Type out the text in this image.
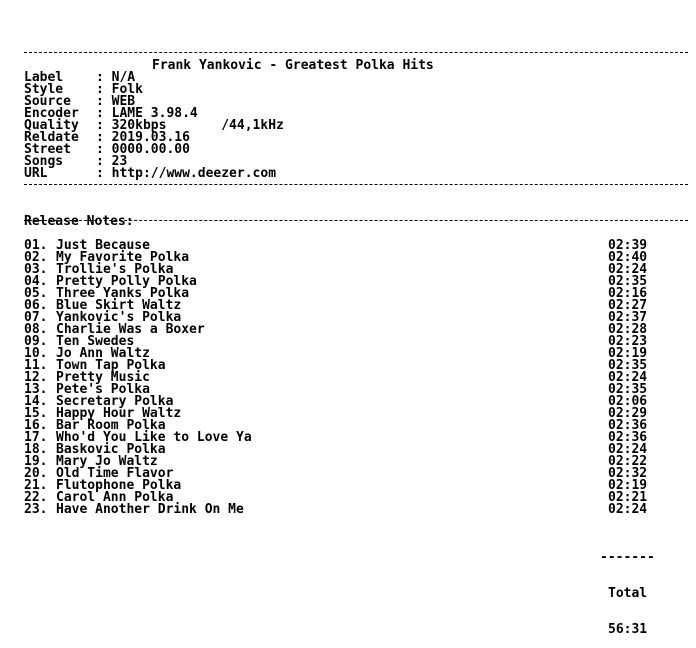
Frank Yankovic - Greatest Polka Hits

Label	: N/A
Style	: Folk
Source	: WEB
Encoder	: LAME 3.98.4
Quality	: 320kbps       /44,1kHz
Reldate	: 2019.03.16
Street	: 0000.00.00
Songs	: 23
URL	: http://www.deezer.com

Release Notes:

01. Just Because	02:39
02. My Favorite Polka	02:40
03. Trollie's Polka	02:24
04. Pretty Polly Polka	02:35
05. Three Yanks Polka	02:16
06. Blue Skirt Waltz	02:27
07. Yankovic's Polka	02:37
08. Charlie Was a Boxer	02:28
09. Ten Swedes	02:23
10. Jo Ann Waltz	02:19
11. Town Tap Polka	02:35
12. Pretty Music	02:24
13. Pete's Polka	02:35
14. Secretary Polka	02:06
15. Happy Hour Waltz	02:29
16. Bar Room Polka	02:36
17. Who'd You Like to Love Ya	02:36
18. Baskovic Polka	02:24
19. Mary Jo Waltz	02:22
20. Old Time Flavor	02:32
21. Flutophone Polka	02:19
22. Carol Ann Polka	02:21
23. Have Another Drink On Me	02:24

-------

Total

56:31
